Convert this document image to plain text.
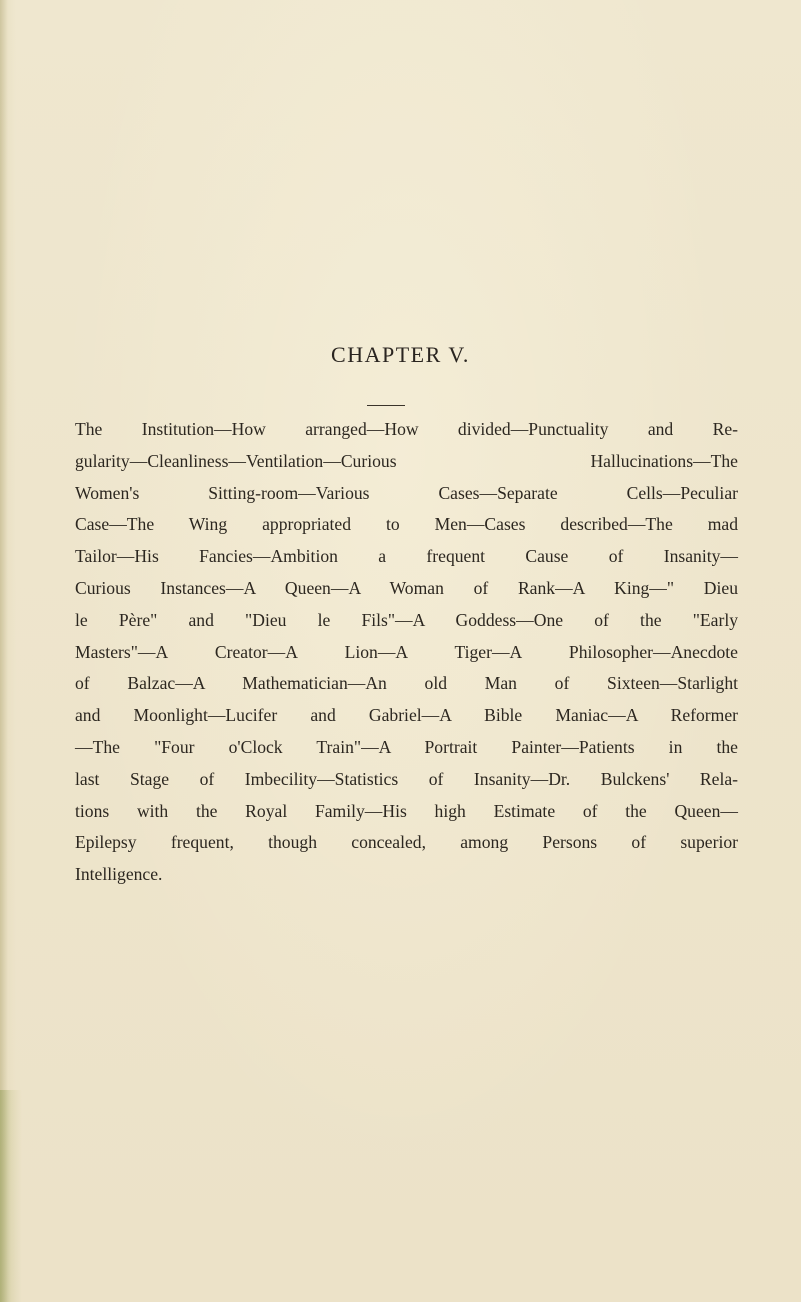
CHAPTER V.
The Institution—How arranged—How divided—Punctuality and Re-
gularity—Cleanliness—Ventilation—Curious Hallucinations—The
Women's Sitting-room—Various Cases—Separate Cells—Peculiar
Case—The Wing appropriated to Men—Cases described—The mad
Tailor—His Fancies—Ambition a frequent Cause of Insanity—
Curious Instances—A Queen—A Woman of Rank—A King—" Dieu
le Père" and "Dieu le Fils"—A Goddess—One of the "Early
Masters"—A Creator—A Lion—A Tiger—A Philosopher—Anecdote
of Balzac—A Mathematician—An old Man of Sixteen—Starlight
and Moonlight—Lucifer and Gabriel—A Bible Maniac—A Reformer
—The "Four o'Clock Train"—A Portrait Painter—Patients in the
last Stage of Imbecility—Statistics of Insanity—Dr. Bulckens' Rela-
tions with the Royal Family—His high Estimate of the Queen—
Epilepsy frequent, though concealed, among Persons of superior
Intelligence.
